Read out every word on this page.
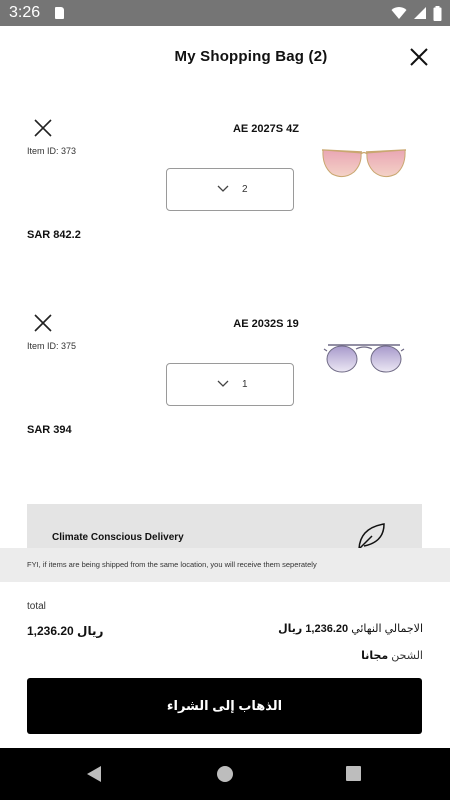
3:26
My Shopping Bag (2)
AE 2027S 4Z
Item ID: 373
2
SAR 842.2
AE 2032S 19
Item ID: 375
1
SAR 394
Climate Conscious Delivery
FYI, if items are being shipped from the same location, you will receive them seperately
total
1,236.20 ريال	الاجمالي النهائي 1,236.20 ريال
الشحن مجانا
الذهاب إلى الشراء
